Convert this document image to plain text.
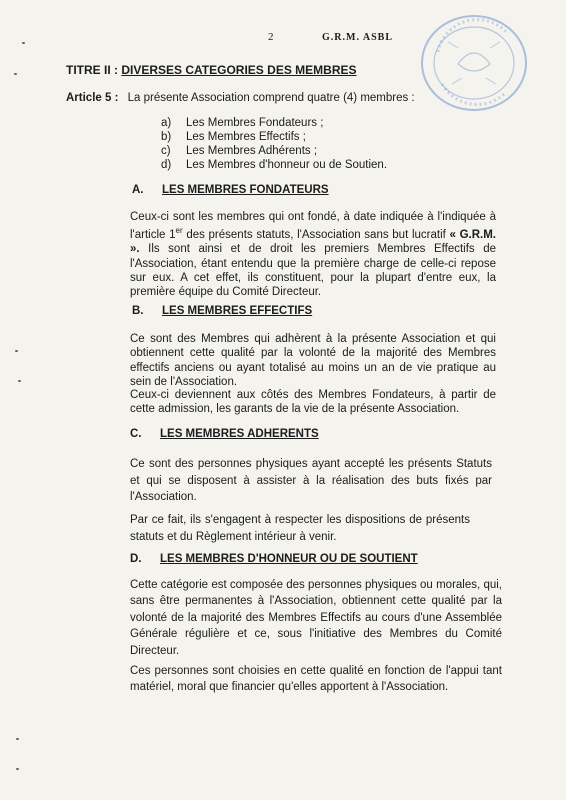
2	G.R.M. ASBL
TITRE II : DIVERSES CATEGORIES DES MEMBRES
Article 5 : La présente Association comprend quatre (4) membres :
a)	Les Membres Fondateurs ;
b)	Les Membres Effectifs ;
c)	Les Membres Adhérents ;
d)	Les Membres d'honneur ou de Soutien.
A. LES MEMBRES FONDATEURS
Ceux-ci sont les membres qui ont fondé, à date indiquée à l'indiquée à l'article 1er des présents statuts, l'Association sans but lucratif « G.R.M. ». Ils sont ainsi et de droit les premiers Membres Effectifs de l'Association, étant entendu que la première charge de celle-ci repose sur eux. A cet effet, ils constituent, pour la plupart d'entre eux, la première équipe du Comité Directeur.
B. LES MEMBRES EFFECTIFS
Ce sont des Membres qui adhèrent à la présente Association et qui obtiennent cette qualité par la volonté de la majorité des Membres effectifs anciens ou ayant totalisé au moins un an de vie pratique au sein de l'Association.
Ceux-ci deviennent aux côtés des Membres Fondateurs, à partir de cette admission, les garants de la vie de la présente Association.
C. LES MEMBRES ADHERENTS
Ce sont des personnes physiques ayant accepté les présents Statuts et qui se disposent à assister à la réalisation des buts fixés par l'Association.
Par ce fait, ils s'engagent à respecter les dispositions de présents statuts et du Règlement intérieur à venir.
D. LES MEMBRES D'HONNEUR OU DE SOUTIENT
Cette catégorie est composée des personnes physiques ou morales, qui, sans être permanentes à l'Association, obtiennent cette qualité par la volonté de la majorité des Membres Effectifs au cours d'une Assemblée Générale régulière et ce, sous l'initiative des Membres du Comité Directeur.
Ces personnes sont choisies en cette qualité en fonction de l'appui tant matériel, moral que financier qu'elles apportent à l'Association.
